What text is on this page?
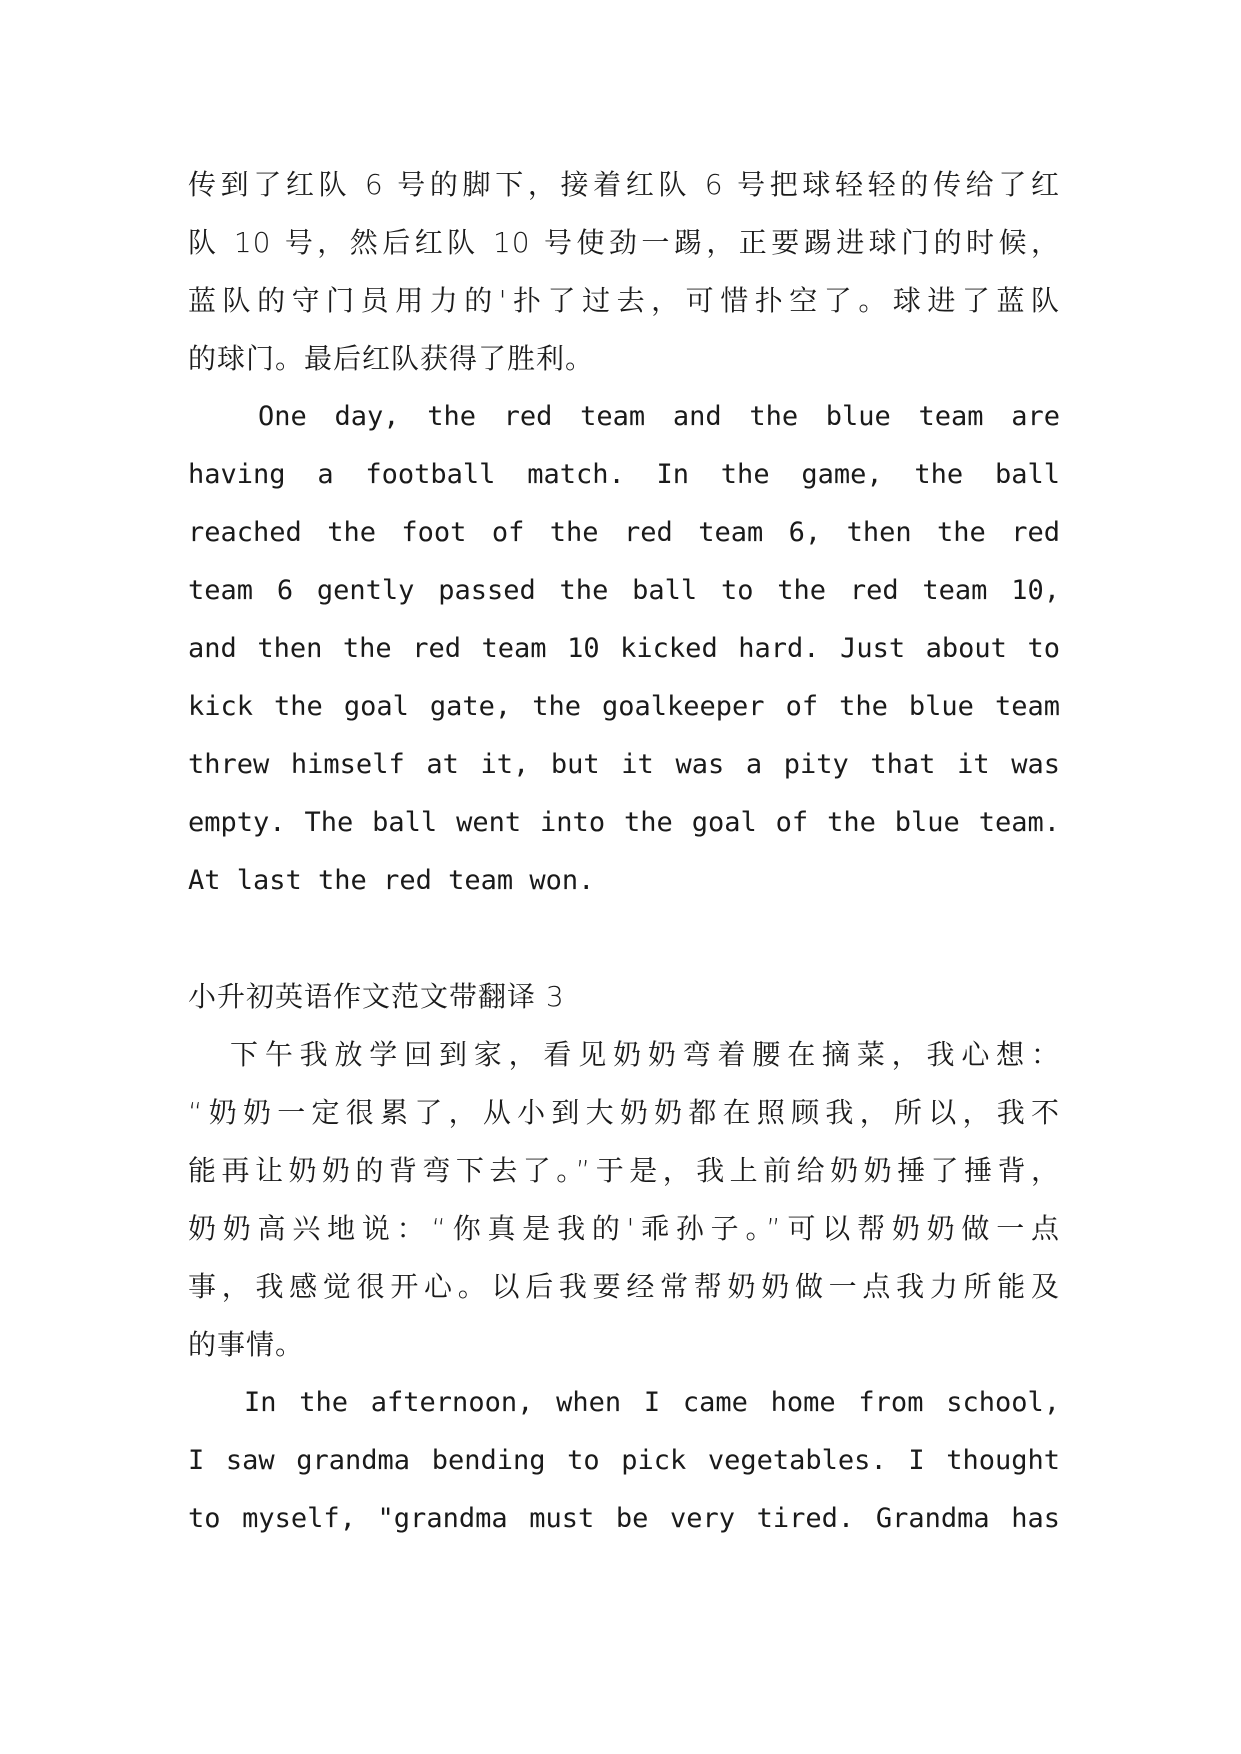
传到了红队 6 号的脚下，接着红队 6 号把球轻轻的传给了红
队 10 号，然后红队 10 号使劲一踢，正要踢进球门的时候，
蓝队的守门员用力的'扑了过去，可惜扑空了。球进了蓝队
的球门。最后红队获得了胜利。
One day, the red team and the blue team are
having a football match. In the game, the ball
reached the foot of the red team 6, then the red
team 6 gently passed the ball to the red team 10,
and then the red team 10 kicked hard. Just about to
kick the goal gate, the goalkeeper of the blue team
threw himself at it, but it was a pity that it was
empty. The ball went into the goal of the blue team.
At last the red team won.
小升初英语作文范文带翻译 3
下午我放学回到家，看见奶奶弯着腰在摘菜，我心想：
“奶奶一定很累了，从小到大奶奶都在照顾我，所以，我不
能再让奶奶的背弯下去了。”于是，我上前给奶奶捶了捶背，
奶奶高兴地说：“你真是我的'乖孙子。”可以帮奶奶做一点
事，我感觉很开心。以后我要经常帮奶奶做一点我力所能及
的事情。
In the afternoon, when I came home from school,
I saw grandma bending to pick vegetables. I thought
to myself, "grandma must be very tired. Grandma has
